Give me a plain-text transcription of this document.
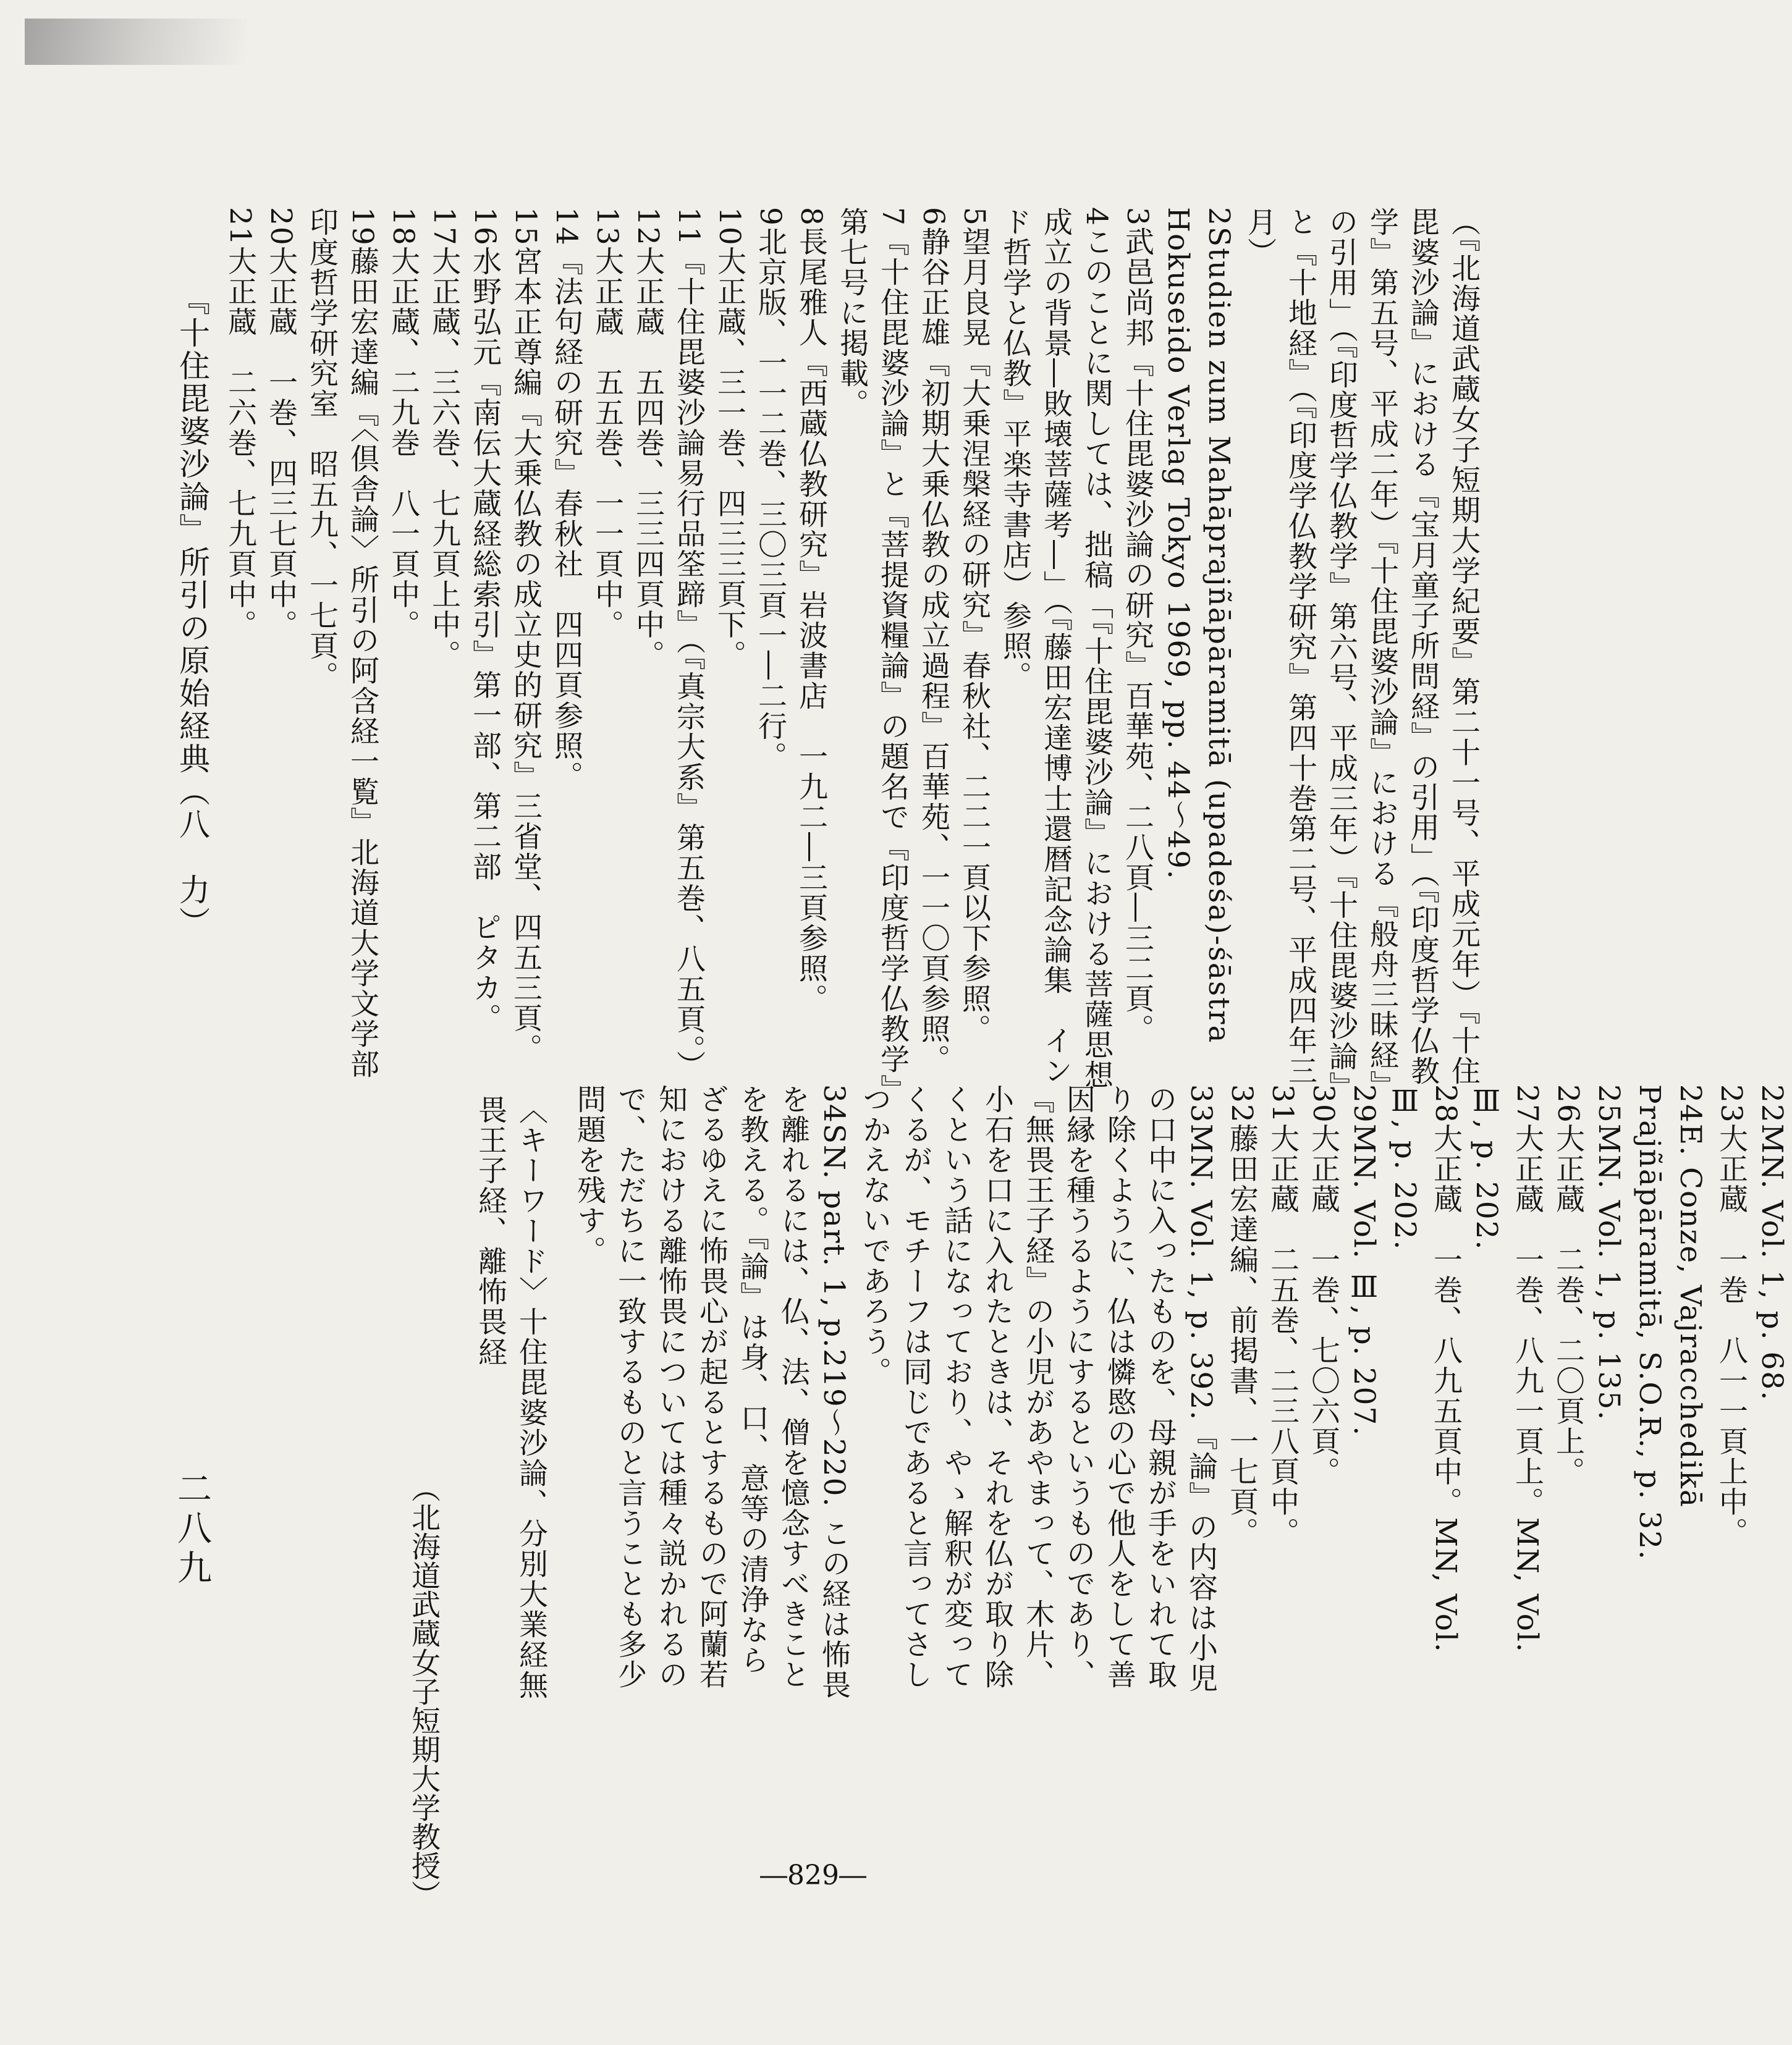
（『北海道武蔵女子短期大学紀要』第二十一号、平成元年）『十住毘婆沙論』における『宝月童子所問経』の引用」（『印度哲学仏教学』第五号、平成二年）『十住毘婆沙論』における『般舟三昧経』の引用」（『印度哲学仏教学』第六号、平成三年）『十住毘婆沙論』と『十地経』（『印度学仏教学研究』第四十巻第二号、平成四年三月）
2Studien zum Mahāprajñāpāramitā (upadeśa)-śāstra Hokuseido Verlag Tokyo 1969, pp. 44～49.
3武邑尚邦『十住毘婆沙論の研究』百華苑、二八頁―三二頁。
4このことに関しては、拙稿「『十住毘婆沙論』における菩薩思想成立の背景―敗壊菩薩考―」（『藤田宏達博士還暦記念論集　インド哲学と仏教』平楽寺書店）参照。
5望月良晃『大乗涅槃経の研究』春秋社、二二一頁以下参照。
6静谷正雄『初期大乗仏教の成立過程』百華苑、一一〇頁参照。
7『十住毘婆沙論』と『菩提資糧論』の題名で『印度哲学仏教学』第七号に掲載。
8長尾雅人『西蔵仏教研究』岩波書店　一九二―三頁参照。
9北京版、一一二巻、三〇三頁一―二行。
10大正蔵、三一巻、四三三頁下。
11『十住毘婆沙論易行品筌蹄』（『真宗大系』第五巻、八五頁。）
12大正蔵　五四巻、三三四頁中。
13大正蔵　五五巻、一一頁中。
14『法句経の研究』春秋社　四四頁参照。
15宮本正尊編『大乗仏教の成立史的研究』三省堂、四五三頁。
16水野弘元『南伝大蔵経総索引』第一部、第二部　ピタカ。
17大正蔵、三六巻、七九頁上中。
18大正蔵、二九巻　八一頁中。
19藤田宏達編『〈倶舎論〉所引の阿含経一覧』北海道大学文学部印度哲学研究室　昭五九、一七頁。
20大正蔵　一巻、四三七頁中。
21大正蔵　二六巻、七九頁中。
22MN. Vol. 1, p. 68.
23大正蔵　一巻　八一一頁上中。
24E. Conze, Vajracchedikā Prajñāpāramitā, S.O.R., p. 32.
25MN. Vol. 1, p. 135.
26大正蔵　二巻、二〇頁上。
27大正蔵　一巻、八九一頁上。MN, Vol. Ⅲ, p. 202.
28大正蔵　一巻、八九五頁中。MN, Vol. Ⅲ, p. 202.
29MN. Vol. Ⅲ, p. 207.
30大正蔵　一巻、七〇六頁。
31大正蔵　二五巻、二三八頁中。
32藤田宏達編、前掲書、一七頁。
33MN. Vol. 1, p. 392.『論』の内容は小児の口中に入ったものを、母親が手をいれて取り除くように、仏は憐愍の心で他人をして善因縁を種うるようにするというものであり、『無畏王子経』の小児があやまって、木片、小石を口に入れたときは、それを仏が取り除くという話になっており、やゝ解釈が変ってくるが、モチーフは同じであると言ってさしつかえないであろう。
34SN. part. 1, p.219～220. この経は怖畏を離れるには、仏、法、僧を憶念すべきことを教える。『論』は身、口、意等の清浄ならざるゆえに怖畏心が起るとするもので阿蘭若知における離怖畏については種々説かれるので、ただちに一致するものと言うことも多少問題を残す。
『十住毘婆沙論』所引の原始経典（八　力）
〈キーワード〉十住毘婆沙論、分別大業経無畏王子経、離怖畏経
（北海道武蔵女子短期大学教授）
二八九
―829―
